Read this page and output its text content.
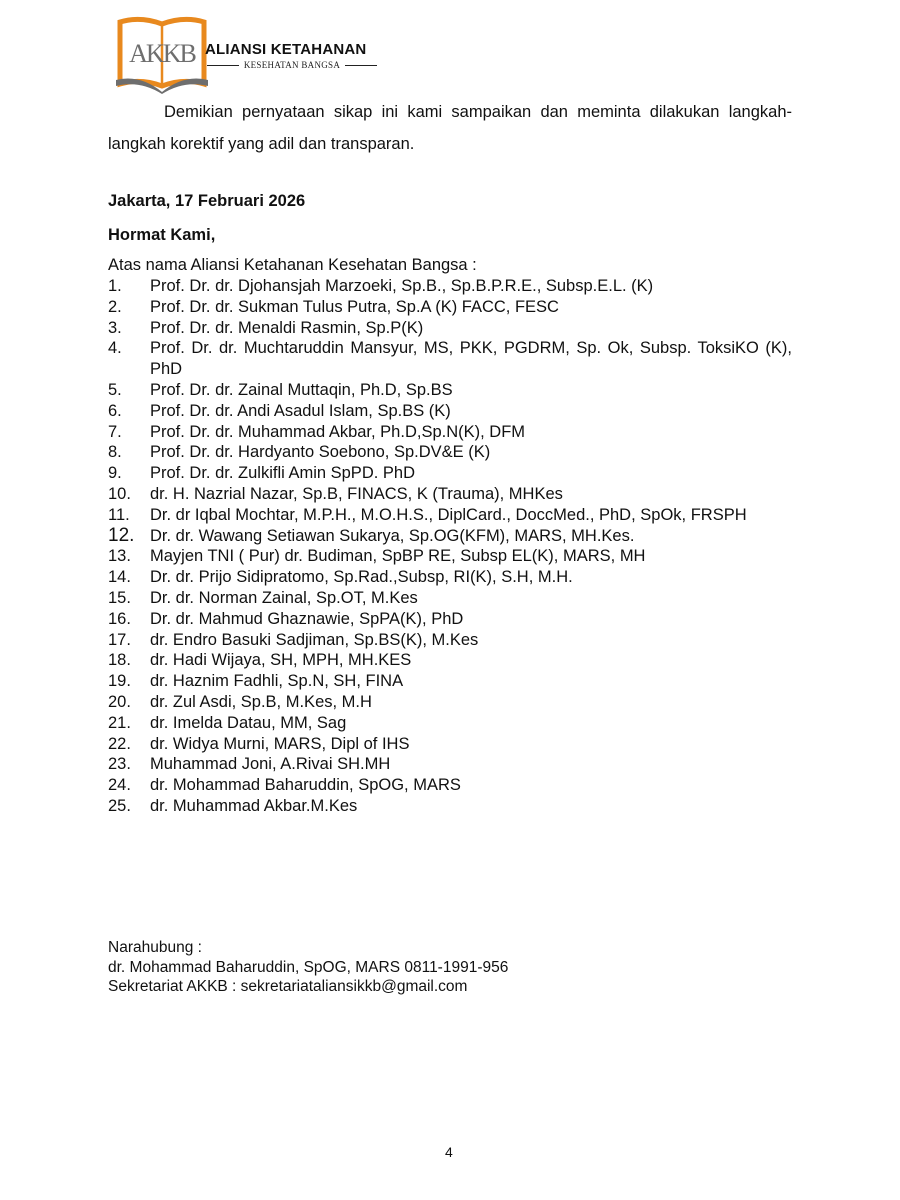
AKKB ALIANSI KETAHANAN
KESEHATAN BANGSA

Demikian pernyataan sikap ini kami sampaikan dan meminta dilakukan langkah-langkah korektif yang adil dan transparan.

Jakarta, 17 Februari 2026
Hormat Kami,
Atas nama Aliansi Ketahanan Kesehatan Bangsa :
1.	Prof. Dr. dr. Djohansjah Marzoeki, Sp.B., Sp.B.P.R.E., Subsp.E.L. (K)
2.	Prof. Dr. dr. Sukman Tulus Putra, Sp.A (K) FACC, FESC
3.	Prof. Dr. dr. Menaldi Rasmin, Sp.P(K)
4.	Prof. Dr. dr. Muchtaruddin Mansyur, MS, PKK, PGDRM, Sp. Ok, Subsp. ToksiKO (K), PhD
5.	Prof. Dr. dr. Zainal Muttaqin, Ph.D, Sp.BS
6.	Prof. Dr. dr. Andi Asadul Islam, Sp.BS (K)
7.	Prof. Dr. dr. Muhammad Akbar, Ph.D,Sp.N(K), DFM
8.	Prof. Dr. dr. Hardyanto Soebono, Sp.DV&E (K)
9.	Prof. Dr. dr. Zulkifli Amin SpPD. PhD
10.	dr. H. Nazrial Nazar, Sp.B, FINACS, K (Trauma), MHKes
11.	Dr. dr Iqbal Mochtar, M.P.H., M.O.H.S., DiplCard., DoccMed., PhD, SpOk, FRSPH
12. Dr. dr. Wawang Setiawan Sukarya, Sp.OG(KFM), MARS, MH.Kes.
13.	Mayjen TNI ( Pur) dr. Budiman, SpBP RE, Subsp EL(K), MARS, MH
14.	Dr. dr. Prijo Sidipratomo, Sp.Rad.,Subsp, RI(K), S.H, M.H.
15.	Dr. dr. Norman Zainal, Sp.OT, M.Kes
16.	Dr. dr. Mahmud Ghaznawie, SpPA(K), PhD
17.	dr. Endro Basuki Sadjiman, Sp.BS(K), M.Kes
18.	dr. Hadi Wijaya, SH, MPH, MH.KES
19.	dr. Haznim Fadhli, Sp.N, SH, FINA
20.	dr. Zul Asdi, Sp.B, M.Kes, M.H
21.	dr. Imelda Datau, MM, Sag
22.	dr. Widya Murni, MARS, Dipl of IHS
23.	Muhammad Joni, A.Rivai SH.MH
24.	dr. Mohammad Baharuddin, SpOG, MARS
25.	dr. Muhammad Akbar.M.Kes
Narahubung :
dr. Mohammad Baharuddin, SpOG, MARS 0811-1991-956
Sekretariat AKKB : sekretariataliansikkb@gmail.com
4
